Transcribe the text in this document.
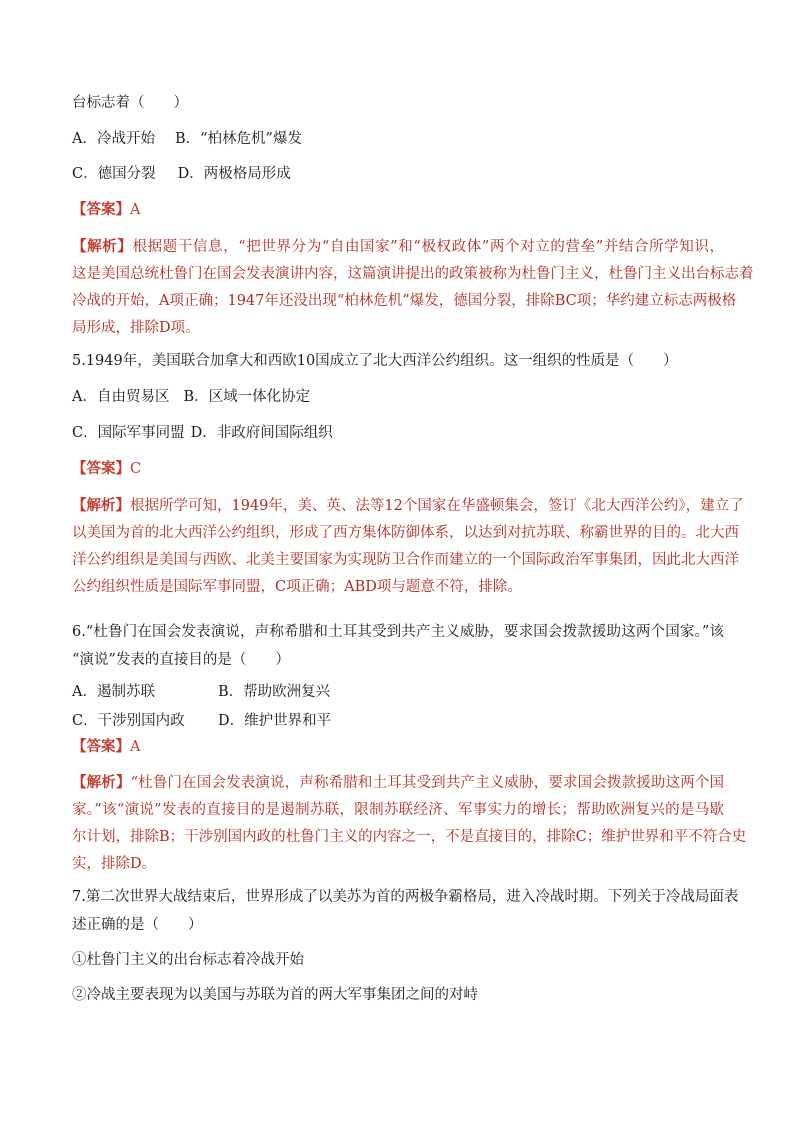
台标志着（　　）
A．冷战开始 B．“柏林危机”爆发
C．德国分裂 D．两极格局形成
【答案】A
【解析】根据题干信息，“把世界分为“自由国家”和“极权政体”两个对立的营垒”并结合所学知识，
这是美国总统杜鲁门在国会发表演讲内容，这篇演讲提出的政策被称为杜鲁门主义，杜鲁门主义出台标志着
冷战的开始，A项正确；1947年还没出现“柏林危机”爆发，德国分裂，排除BC项；华约建立标志两极格
局形成，排除D项。
5.1949年，美国联合加拿大和西欧10国成立了北大西洋公约组织。这一组织的性质是（　　）
A．自由贸易区 B．区域一体化协定
C．国际军事同盟 D．非政府间国际组织
【答案】C
【解析】根据所学可知，1949年，美、英、法等12个国家在华盛顿集会，签订《北大西洋公约》，建立了
以美国为首的北大西洋公约组织，形成了西方集体防御体系，以达到对抗苏联、称霸世界的目的。北大西
洋公约组织是美国与西欧、北美主要国家为实现防卫合作而建立的一个国际政治军事集团，因此北大西洋
公约组织性质是国际军事同盟，C项正确；ABD项与题意不符，排除。
6.“杜鲁门在国会发表演说，声称希腊和土耳其受到共产主义威胁，要求国会拨款援助这两个国家。”该
“演说”发表的直接目的是（　　）
A．遏制苏联	B．帮助欧洲复兴
C．干涉别国内政 D．维护世界和平
【答案】A
【解析】“杜鲁门在国会发表演说，声称希腊和土耳其受到共产主义威胁，要求国会拨款援助这两个国
家。”该“演说”发表的直接目的是遏制苏联，限制苏联经济、军事实力的增长；帮助欧洲复兴的是马歇
尔计划，排除B；干涉别国内政的杜鲁门主义的内容之一，不是直接目的，排除C；维护世界和平不符合史
实，排除D。
7.第二次世界大战结束后，世界形成了以美苏为首的两极争霸格局，进入冷战时期。下列关于冷战局面表
述正确的是（　　）
①杜鲁门主义的出台标志着冷战开始
②冷战主要表现为以美国与苏联为首的两大军事集团之间的对峙
